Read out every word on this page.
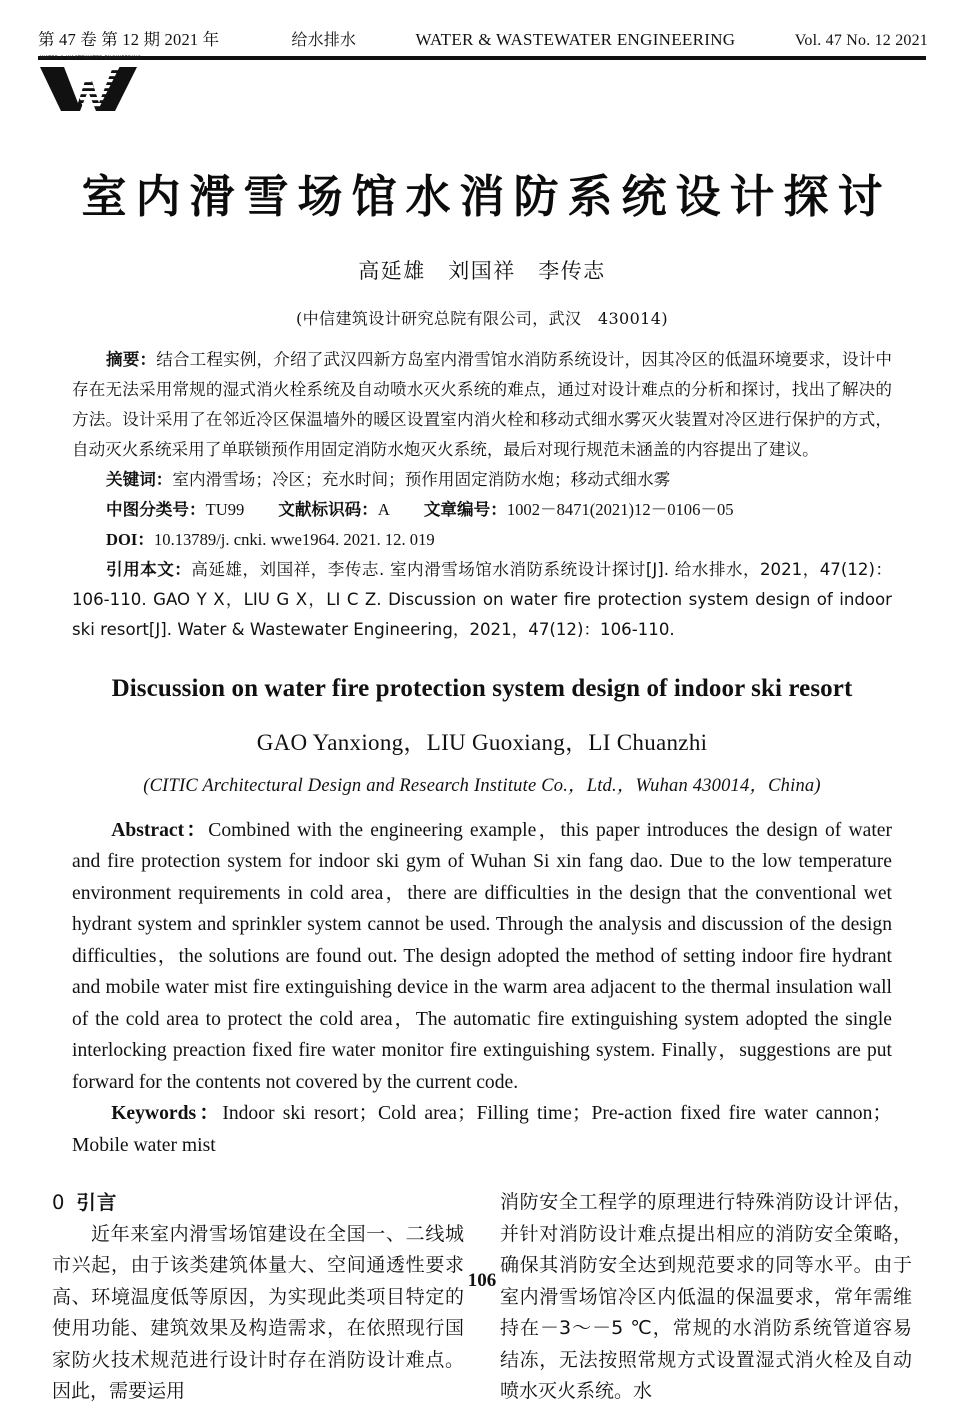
第 47 卷 第 12 期 2021 年	给水排水	WATER & WASTEWATER ENGINEERING	Vol. 47 No. 12 2021
WATER & WASTEWATER ENGINEERING
室内滑雪场馆水消防系统设计探讨
高延雄　刘国祥　李传志
(中信建筑设计研究总院有限公司，武汉　430014)

摘要：结合工程实例，介绍了武汉四新方岛室内滑雪馆水消防系统设计，因其冷区的低温环境要求，设计中存在无法采用常规的湿式消火栓系统及自动喷水灭火系统的难点，通过对设计难点的分析和探讨，找出了解决的方法。设计采用了在邻近冷区保温墙外的暖区设置室内消火栓和移动式细水雾灭火装置对冷区进行保护的方式，自动灭火系统采用了单联锁预作用固定消防水炮灭火系统，最后对现行规范未涵盖的内容提出了建议。

关键词：室内滑雪场；冷区；充水时间；预作用固定消防水炮；移动式细水雾

中图分类号：TU99 文献标识码：A 文章编号：1002－8471(2021)12－0106－05

DOI：10.13789/j. cnki. wwe1964. 2021. 12. 019

引用本文：高延雄，刘国祥，李传志. 室内滑雪场馆水消防系统设计探讨[J]. 给水排水，2021，47(12)：106-110. GAO Y X，LIU G X，LI C Z. Discussion on water fire protection system design of indoor ski resort[J]. Water & Wastewater Engineering，2021，47(12)：106-110.

Discussion on water fire protection system design of indoor ski resort
GAO Yanxiong，LIU Guoxiang，LI Chuanzhi
(CITIC Architectural Design and Research Institute Co.，Ltd.，Wuhan 430014，China)

Abstract：Combined with the engineering example，this paper introduces the design of water and fire protection system for indoor ski gym of Wuhan Si xin fang dao. Due to the low temperature environment requirements in cold area，there are difficulties in the design that the conventional wet hydrant system and sprinkler system cannot be used. Through the analysis and discussion of the design difficulties，the solutions are found out. The design adopted the method of setting indoor fire hydrant and mobile water mist fire extinguishing device in the warm area adjacent to the thermal insulation wall of the cold area to protect the cold area，The automatic fire extinguishing system adopted the single interlocking preaction fixed fire water monitor fire extinguishing system. Finally，suggestions are put forward for the contents not covered by the current code.

Keywords：Indoor ski resort；Cold area；Filling time；Pre-action fixed fire water cannon；Mobile water mist

0 引言

近年来室内滑雪场馆建设在全国一、二线城市兴起，由于该类建筑体量大、空间通透性要求高、环境温度低等原因，为实现此类项目特定的使用功能、建筑效果及构造需求，在依照现行国家防火技术规范进行设计时存在消防设计难点。因此，需要运用

消防安全工程学的原理进行特殊消防设计评估，并针对消防设计难点提出相应的消防安全策略，确保其消防安全达到规范要求的同等水平。由于室内滑雪场馆冷区内低温的保温要求，常年需维持在－3～－5 ℃，常规的水消防系统管道容易结冻，无法按照常规方式设置湿式消火栓及自动喷水灭火系统。水

106
